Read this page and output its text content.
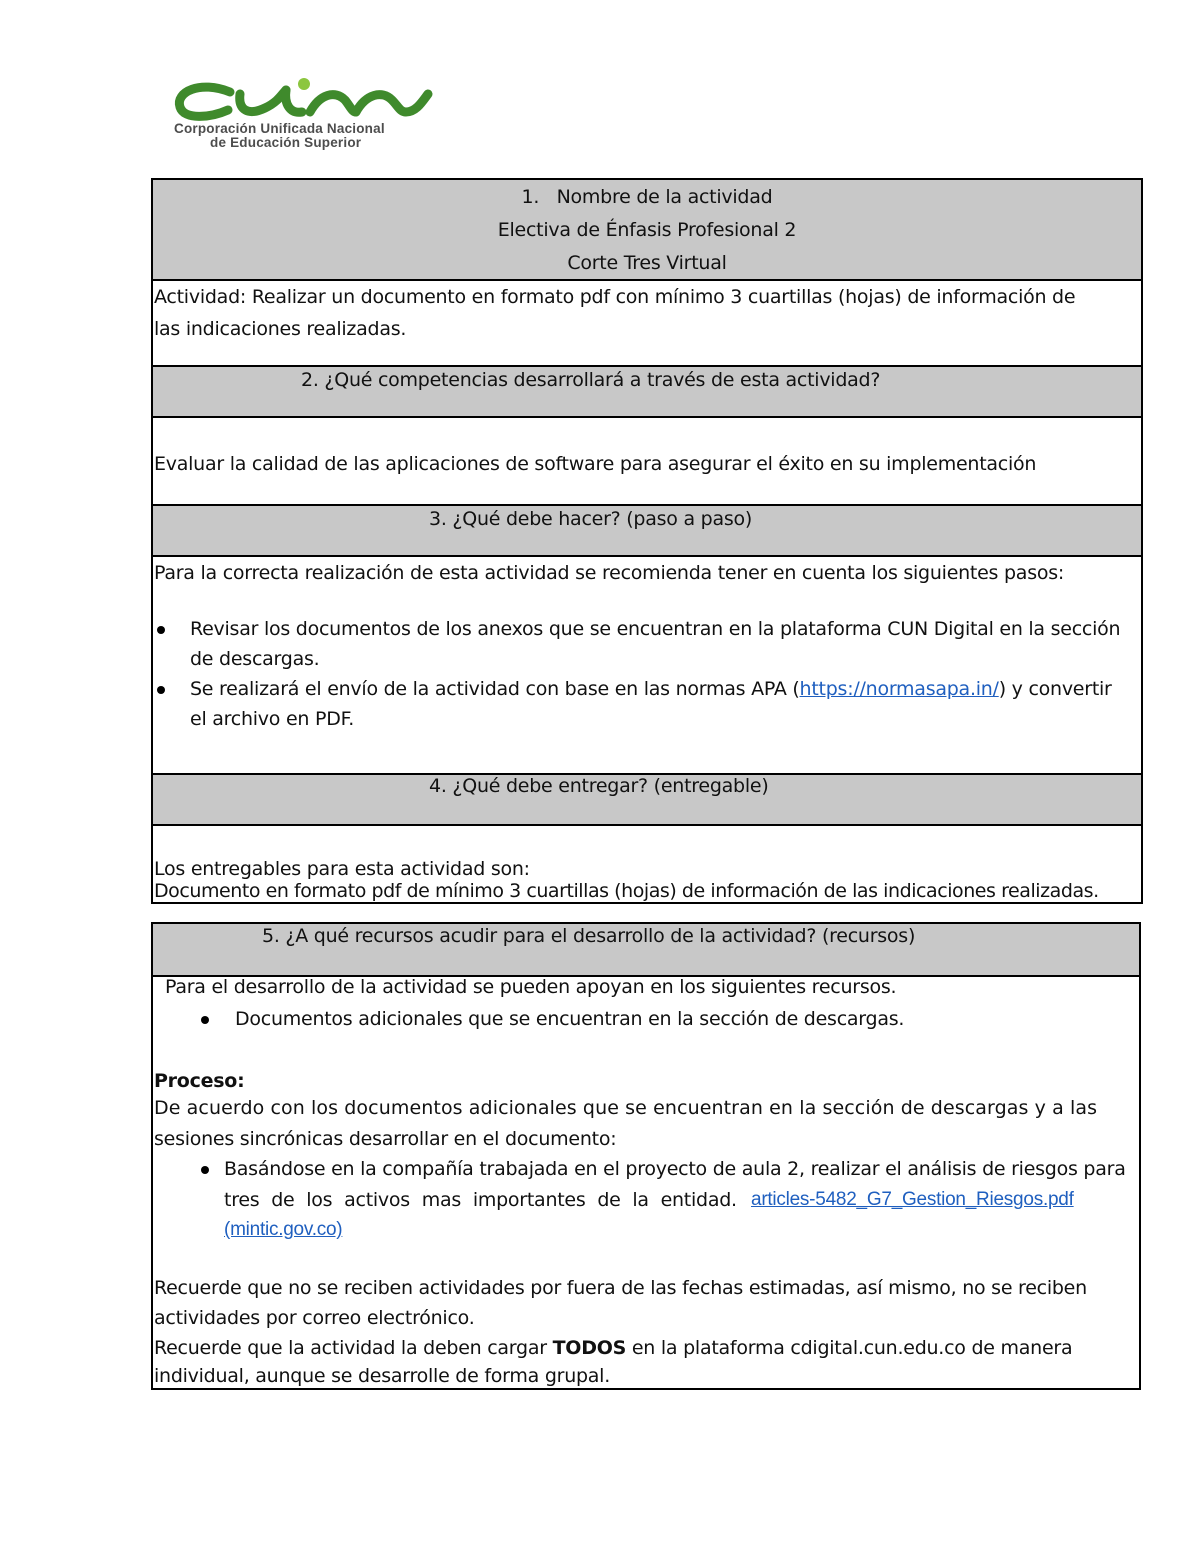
Corporación Unificada Nacional
de Educación Superior
1. Nombre de la actividad
Electiva de Énfasis Profesional 2
Corte Tres Virtual
Actividad: Realizar un documento en formato pdf con mínimo 3 cuartillas (hojas) de información de
las indicaciones realizadas.
2. ¿Qué competencias desarrollará a través de esta actividad?
Evaluar la calidad de las aplicaciones de software para asegurar el éxito en su implementación
3. ¿Qué debe hacer? (paso a paso)
Para la correcta realización de esta actividad se recomienda tener en cuenta los siguientes pasos:
Revisar los documentos de los anexos que se encuentran en la plataforma CUN Digital en la sección
de descargas.
Se realizará el envío de la actividad con base en las normas APA (https://normasapa.in/) y convertir
el archivo en PDF.
4. ¿Qué debe entregar? (entregable)
Los entregables para esta actividad son:
Documento en formato pdf de mínimo 3 cuartillas (hojas) de información de las indicaciones realizadas.
5. ¿A qué recursos acudir para el desarrollo de la actividad? (recursos)
Para el desarrollo de la actividad se pueden apoyan en los siguientes recursos.
Documentos adicionales que se encuentran en la sección de descargas.
Proceso:
De acuerdo con los documentos adicionales que se encuentran en la sección de descargas y a las
sesiones sincrónicas desarrollar en el documento:
Basándose en la compañía trabajada en el proyecto de aula 2, realizar el análisis de riesgos para
tres de los activos mas importantes de la entidad. articles-5482_G7_Gestion_Riesgos.pdf
(mintic.gov.co)
Recuerde que no se reciben actividades por fuera de las fechas estimadas, así mismo, no se reciben
actividades por correo electrónico.
Recuerde que la actividad la deben cargar TODOS en la plataforma cdigital.cun.edu.co de manera
individual, aunque se desarrolle de forma grupal.
